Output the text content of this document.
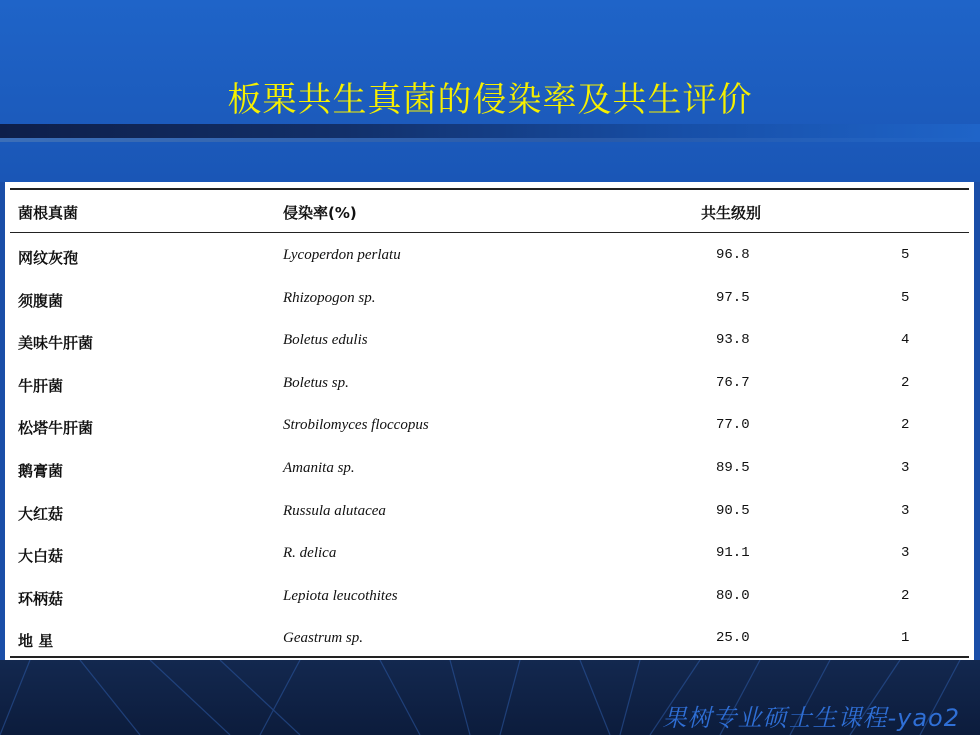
板栗共生真菌的侵染率及共生评价
菌根真菌	侵染率(%)	共生级别
网纹灰孢	Lycoperdon perlatu	96.8	5
须腹菌	Rhizopogon sp.	97.5	5
美味牛肝菌	Boletus edulis	93.8	4
牛肝菌	Boletus sp.	76.7	2
松塔牛肝菌	Strobilomyces floccopus	77.0	2
鹅膏菌	Amanita sp.	89.5	3
大红菇	Russula alutacea	90.5	3
大白菇	R. delica	91.1	3
环柄菇	Lepiota leucothites	80.0	2
地 星	Geastrum sp.	25.0	1
果树专业硕士生课程-yao2
